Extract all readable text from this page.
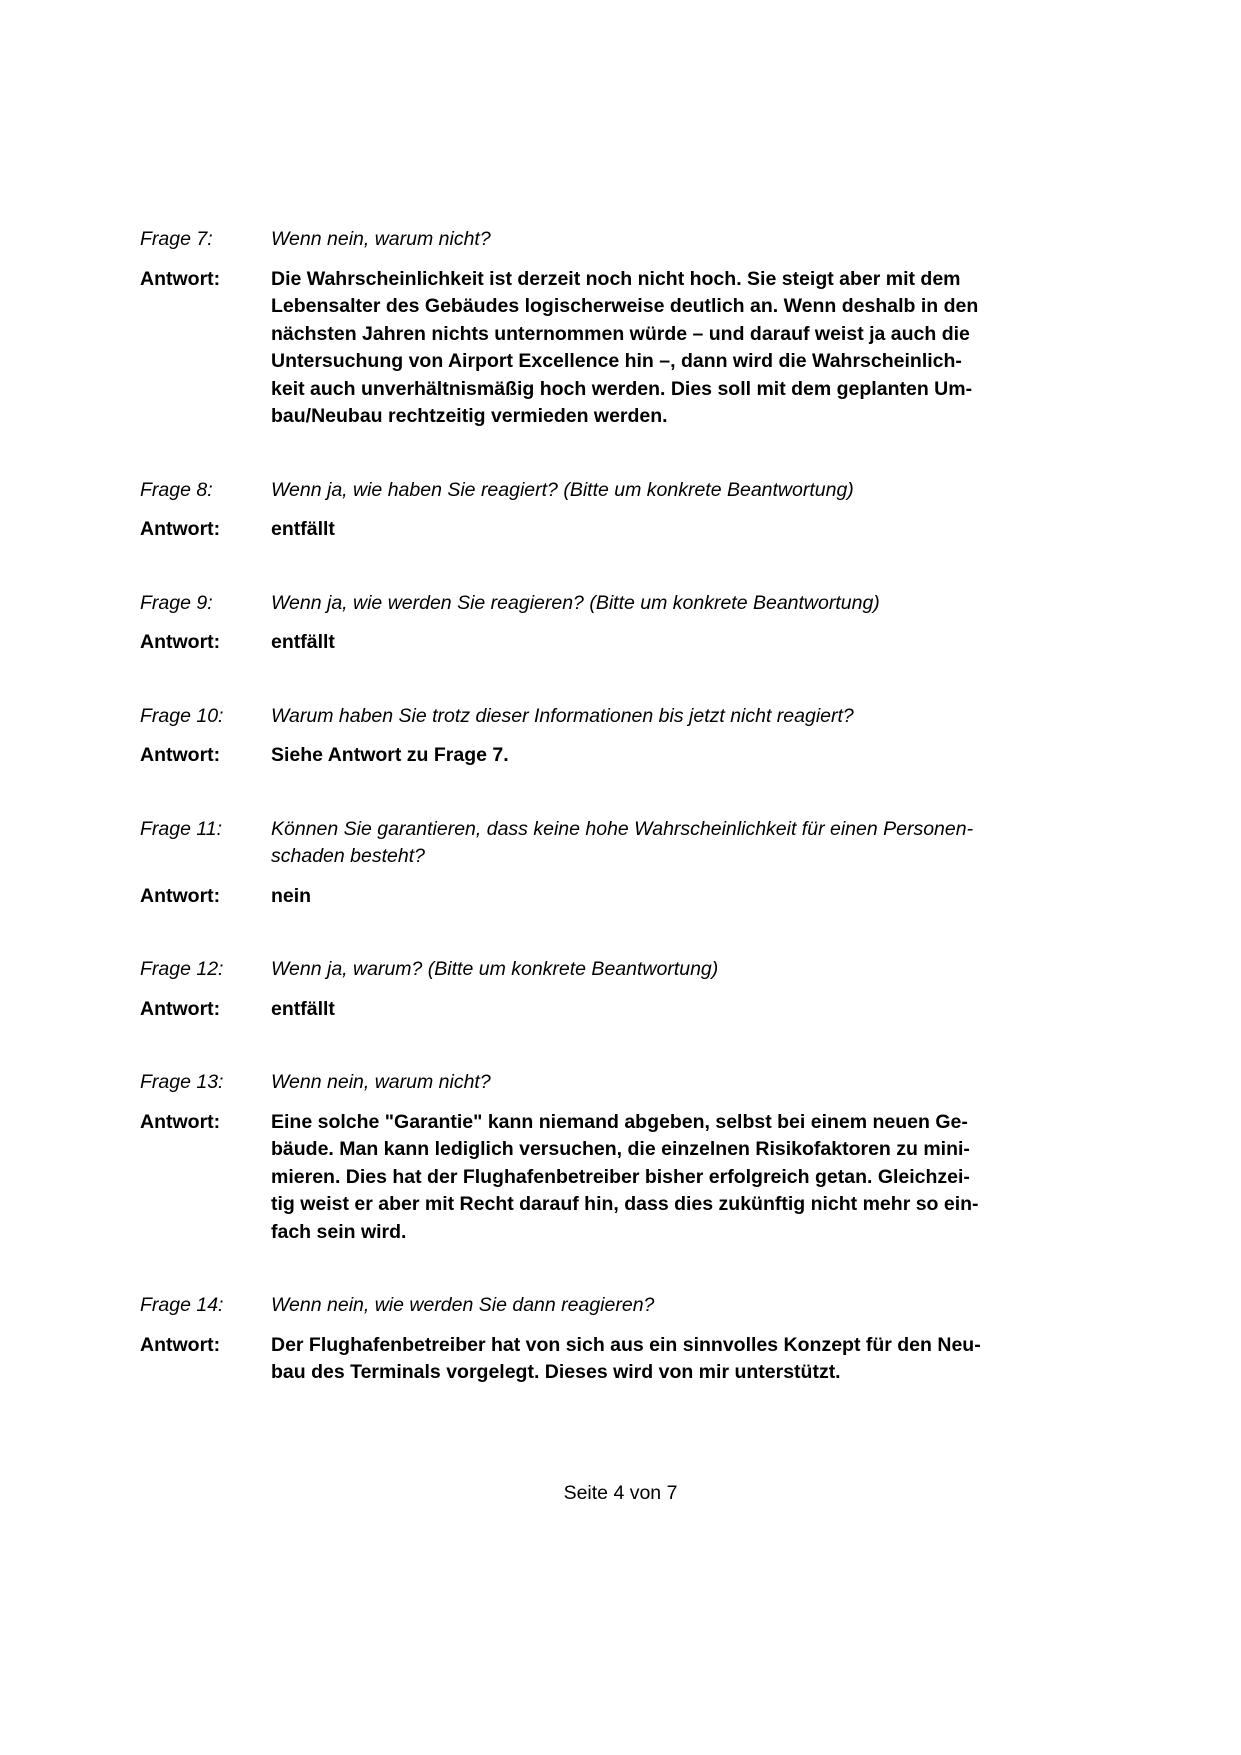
Frage 7:	Wenn nein, warum nicht?
Antwort:	Die Wahrscheinlichkeit ist derzeit noch nicht hoch. Sie steigt aber mit dem
Lebensalter des Gebäudes logischerweise deutlich an. Wenn deshalb in den
nächsten Jahren nichts unternommen würde – und darauf weist ja auch die
Untersuchung von Airport Excellence hin –, dann wird die Wahrscheinlich-
keit auch unverhältnismäßig hoch werden. Dies soll mit dem geplanten Um-
bau/Neubau rechtzeitig vermieden werden.
Frage 8:	Wenn ja, wie haben Sie reagiert? (Bitte um konkrete Beantwortung)
Antwort:	entfällt
Frage 9:	Wenn ja, wie werden Sie reagieren? (Bitte um konkrete Beantwortung)
Antwort:	entfällt
Frage 10:	Warum haben Sie trotz dieser Informationen bis jetzt nicht reagiert?
Antwort:	Siehe Antwort zu Frage 7.
Frage 11:	Können Sie garantieren, dass keine hohe Wahrscheinlichkeit für einen Personen-
schaden besteht?
Antwort:	nein
Frage 12:	Wenn ja, warum? (Bitte um konkrete Beantwortung)
Antwort:	entfällt
Frage 13:	Wenn nein, warum nicht?
Antwort:	Eine solche "Garantie" kann niemand abgeben, selbst bei einem neuen Ge-
bäude. Man kann lediglich versuchen, die einzelnen Risikofaktoren zu mini-
mieren. Dies hat der Flughafenbetreiber bisher erfolgreich getan. Gleichzei-
tig weist er aber mit Recht darauf hin, dass dies zukünftig nicht mehr so ein-
fach sein wird.
Frage 14:	Wenn nein, wie werden Sie dann reagieren?
Antwort:	Der Flughafenbetreiber hat von sich aus ein sinnvolles Konzept für den Neu-
bau des Terminals vorgelegt. Dieses wird von mir unterstützt.
Seite 4 von 7
